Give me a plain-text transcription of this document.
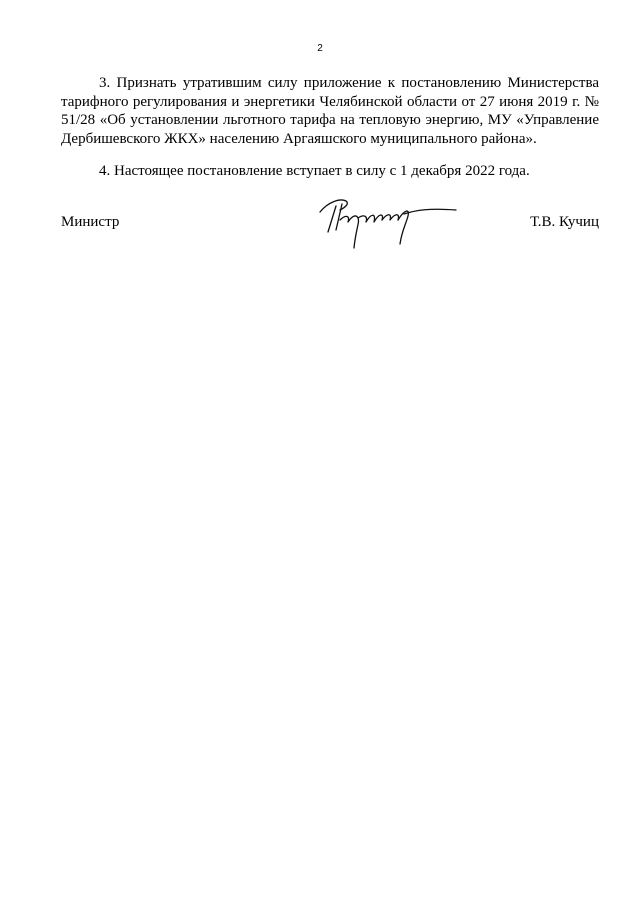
2

3. Признать утратившим силу приложение к постановлению Министерства тарифного регулирования и энергетики Челябинской области от 27 июня 2019 г. № 51/28 «Об установлении льготного тарифа на тепловую энергию, МУ «Управление Дербишевского ЖКХ» населению Аргаяшского муниципального района».

4. Настоящее постановление вступает в силу с 1 декабря 2022 года.

Министр	Т.В. Кучиц
